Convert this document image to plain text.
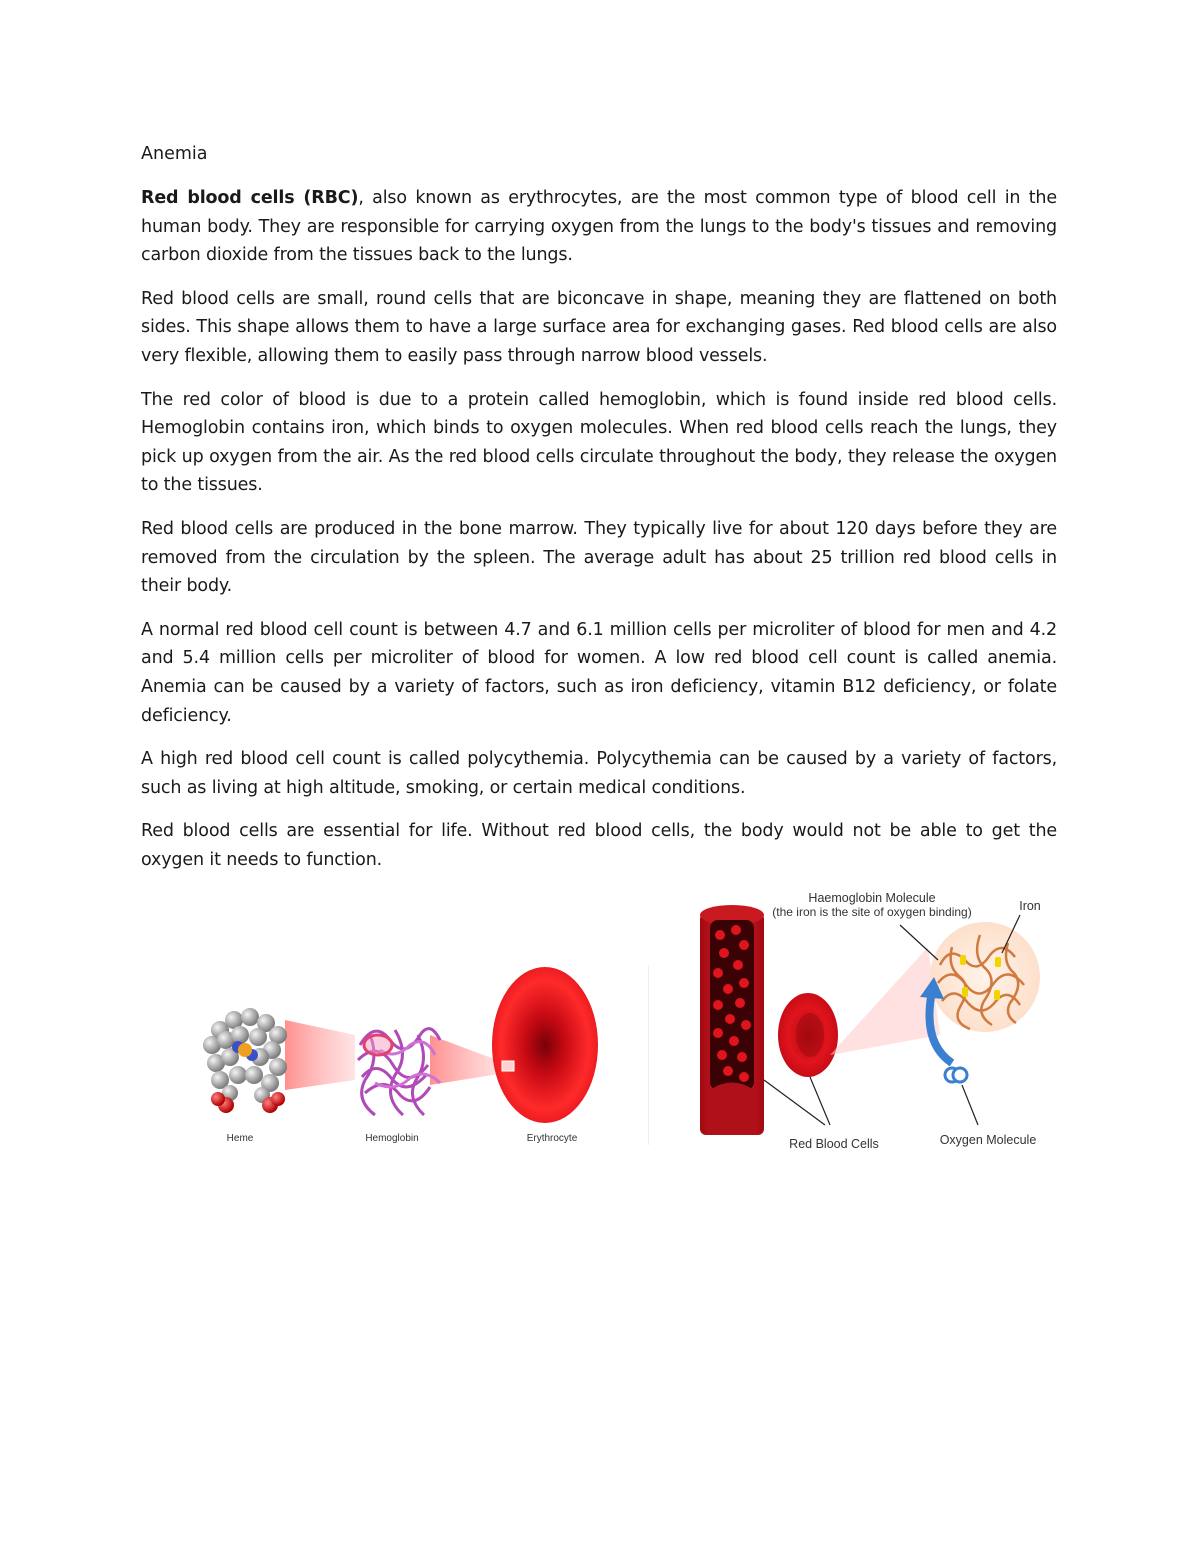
Anemia

Red blood cells (RBC), also known as erythrocytes, are the most common type of blood cell in the human body. They are responsible for carrying oxygen from the lungs to the body's tissues and removing carbon dioxide from the tissues back to the lungs.

Red blood cells are small, round cells that are biconcave in shape, meaning they are flattened on both sides. This shape allows them to have a large surface area for exchanging gases. Red blood cells are also very flexible, allowing them to easily pass through narrow blood vessels.

The red color of blood is due to a protein called hemoglobin, which is found inside red blood cells. Hemoglobin contains iron, which binds to oxygen molecules. When red blood cells reach the lungs, they pick up oxygen from the air. As the red blood cells circulate throughout the body, they release the oxygen to the tissues.

Red blood cells are produced in the bone marrow. They typically live for about 120 days before they are removed from the circulation by the spleen. The average adult has about 25 trillion red blood cells in their body.

A normal red blood cell count is between 4.7 and 6.1 million cells per microliter of blood for men and 4.2 and 5.4 million cells per microliter of blood for women. A low red blood cell count is called anemia. Anemia can be caused by a variety of factors, such as iron deficiency, vitamin B12 deficiency, or folate deficiency.

A high red blood cell count is called polycythemia. Polycythemia can be caused by a variety of factors, such as living at high altitude, smoking, or certain medical conditions.

Red blood cells are essential for life. Without red blood cells, the body would not be able to get the oxygen it needs to function.

Heme	Hemoglobin	Erythrocyte
Haemoglobin Molecule
(the iron is the site of oxygen binding)	Iron
Red Blood Cells	Oxygen Molecule
